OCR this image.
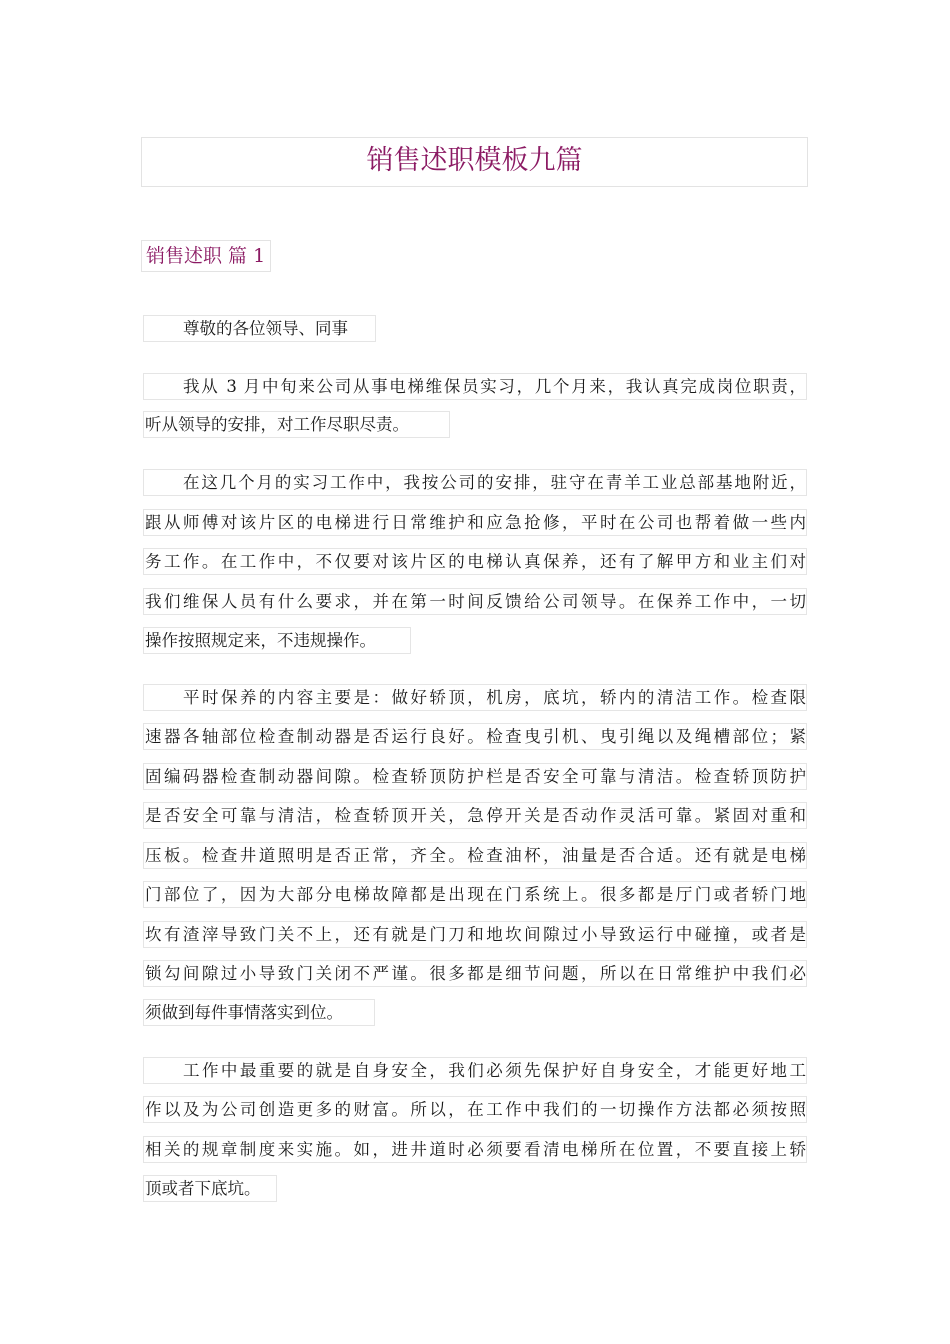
销售述职模板九篇
销售述职 篇 1
尊敬的各位领导、同事
我从 3 月中旬来公司从事电梯维保员实习，几个月来，我认真完成岗位职责，
听从领导的安排，对工作尽职尽责。
在这几个月的实习工作中，我按公司的安排，驻守在青羊工业总部基地附近，
跟从师傅对该片区的电梯进行日常维护和应急抢修，平时在公司也帮着做一些内
务工作。在工作中，不仅要对该片区的电梯认真保养，还有了解甲方和业主们对
我们维保人员有什么要求，并在第一时间反馈给公司领导。在保养工作中，一切
操作按照规定来，不违规操作。
平时保养的内容主要是：做好轿顶，机房，底坑，轿内的清洁工作。检查限
速器各轴部位检查制动器是否运行良好。检查曳引机、曳引绳以及绳槽部位；紧
固编码器检查制动器间隙。检查轿顶防护栏是否安全可靠与清洁。检查轿顶防护
是否安全可靠与清洁，检查轿顶开关，急停开关是否动作灵活可靠。紧固对重和
压板。检查井道照明是否正常，齐全。检查油杯，油量是否合适。还有就是电梯
门部位了，因为大部分电梯故障都是出现在门系统上。很多都是厅门或者轿门地
坎有渣滓导致门关不上，还有就是门刀和地坎间隙过小导致运行中碰撞，或者是
锁勾间隙过小导致门关闭不严谨。很多都是细节问题，所以在日常维护中我们必
须做到每件事情落实到位。
工作中最重要的就是自身安全，我们必须先保护好自身安全，才能更好地工
作以及为公司创造更多的财富。所以，在工作中我们的一切操作方法都必须按照
相关的规章制度来实施。如，进井道时必须要看清电梯所在位置，不要直接上轿
顶或者下底坑。
